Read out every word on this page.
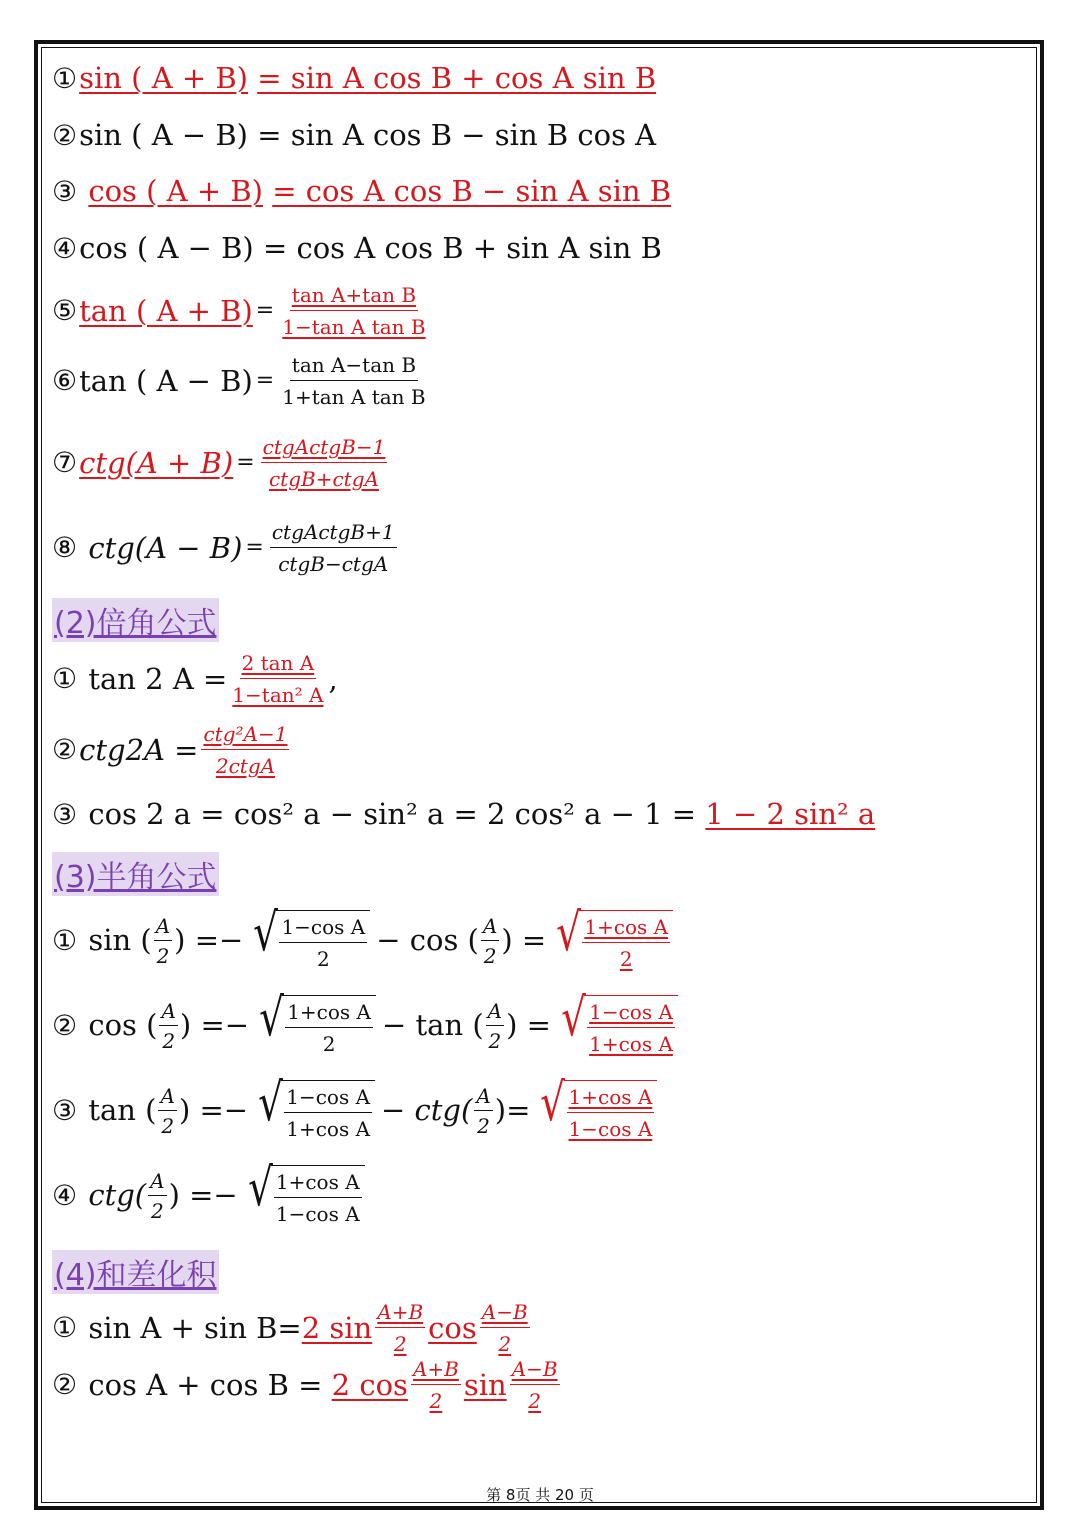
① sin ( A + B)
= sin A cos B + cos A sin B
② sin ( A − B)
= sin A cos B − sin B cos A
③
cos ( A + B)
= cos A cos B − sin A sin B
④ cos ( A − B)
= cos A cos B + sin A sin B
⑤ tan ( $A + B) = \frac{\text{tan A+tan B}}{\text{1−tan A tan B}}$
⑥ tan ( $A - B) = \frac{\text{tan A−tan B}}{\text{1+tan A tan B}}$
⑦ $ctg(A + B) = \frac{\text{ctgActgB−1}}{\text{ctgB+ctgA}}$
⑧
$ctg(A - B) = \frac{\text{ctgActgB+1}}{\text{ctgB−ctgA}}$
(2)倍角公式
①
tan 2 $A = \frac{\text{2 tan A}}{\text{1−tan² A}}$ ,
② $ctg2A = \frac{\text{ctg²A−1}}{\text{2ctgA}}$
③
cos 2 a = cos² a − sin² a = 2 cos² a − 1 =
1 − 2 sin² a
(3)半角公式
①
sin ( A
2 ) =− √ $\frac{\text{1−cos A}}{2} - \cos$ ( A
2 ) = √ $\frac{\text{1+cos A}}{2}$
②
cos ( A
2 ) =− √ $\frac{\text{1+cos A}}{2} - \tan$ ( A
2 ) = √ $\frac{\text{1−cos A}}{\text{1+cos A}}$
③
tan ( A
2 ) =− √ $\frac{\text{1−cos A}}{\text{1+cos A}} - ctg$( A
2 )= √ $\frac{\text{1+cos A}}{\text{1−cos A}}$
④
ctg( A
2 ) =− √ $\frac{\text{1+cos A}}{\text{1−cos A}}$
(4)和差化积
①
sin A + sin B= 2 $\sin \frac{A+B}{2}$ $\cos \frac{A-B}{2}$
②
cos A + cos B =
2 $\cos \frac{A+B}{2}$ $\sin \frac{A-B}{2}$
第 8页 共 20 页
